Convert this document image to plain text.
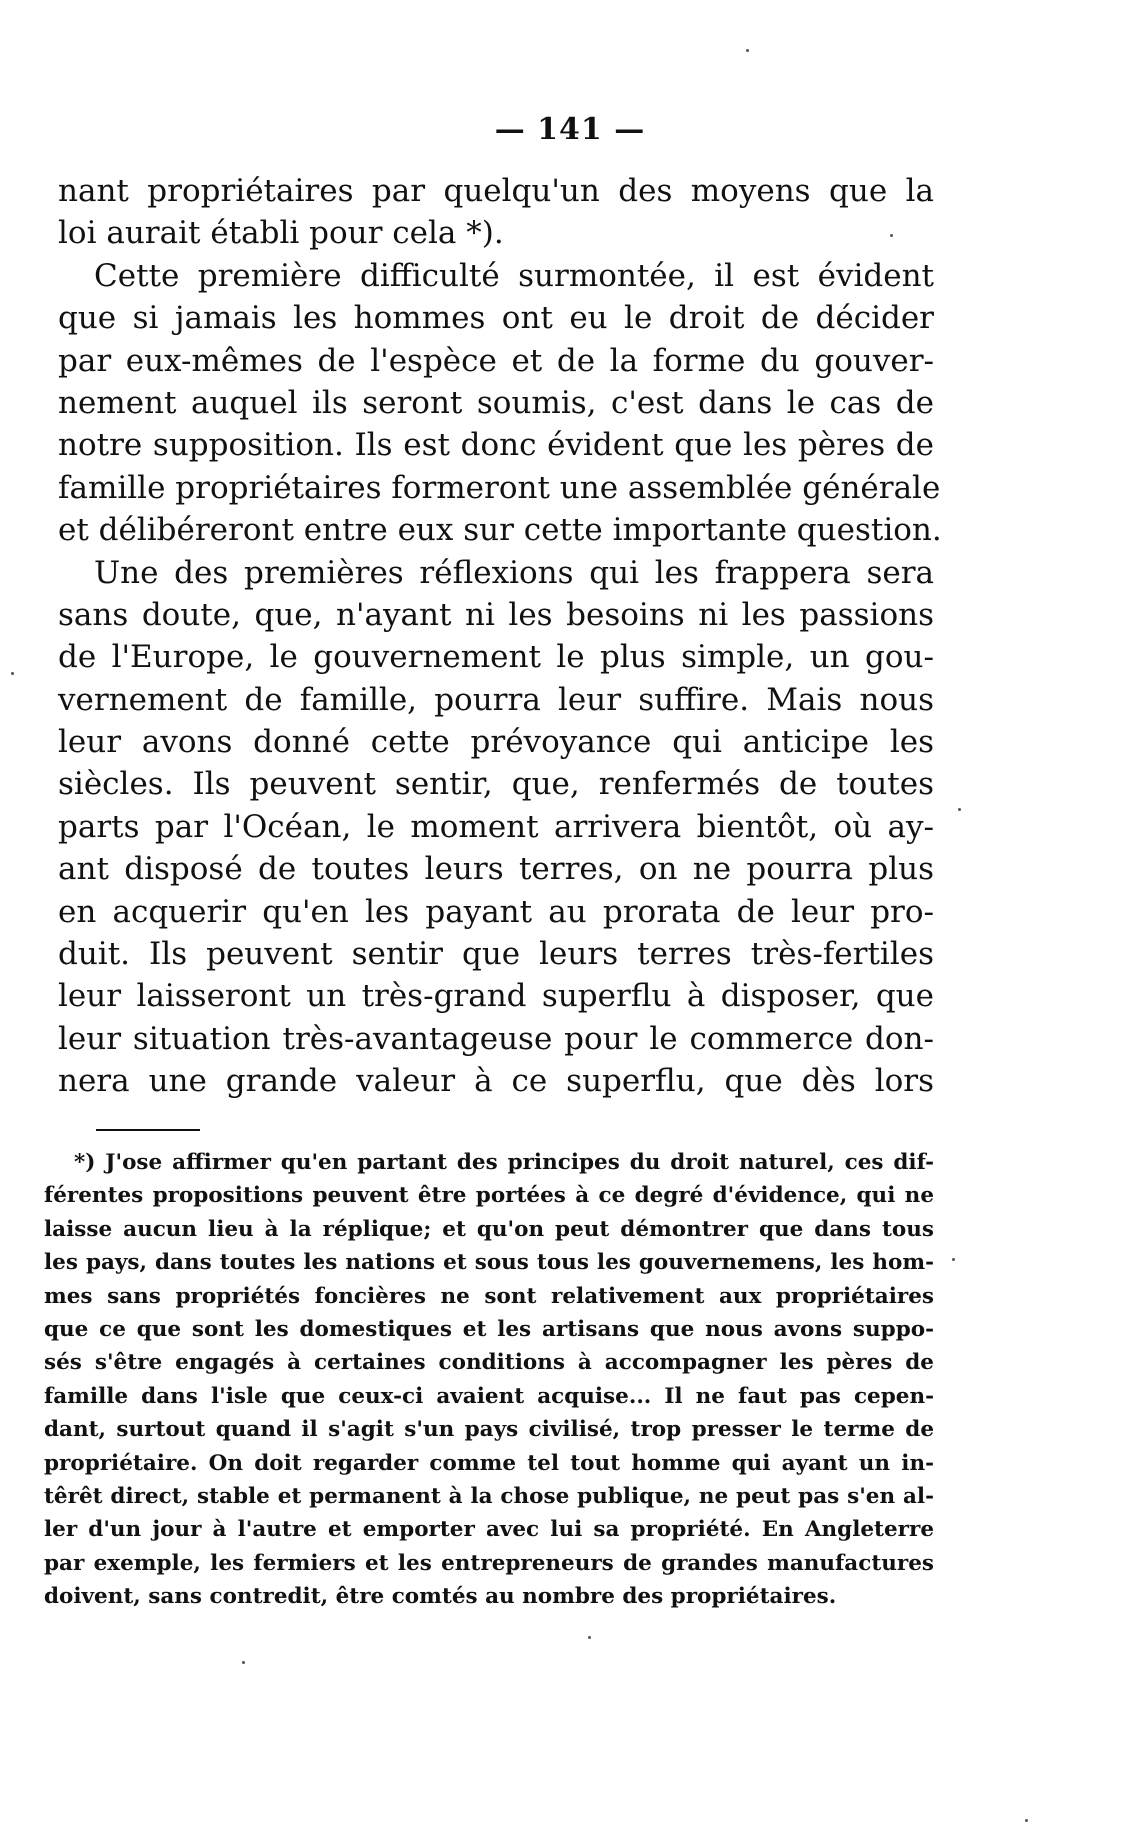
— 141 —
nant propriétaires par quelqu'un des moyens que la
loi aurait établi pour cela *).
Cette première difficulté surmontée, il est évident
que si jamais les hommes ont eu le droit de décider
par eux-mêmes de l'espèce et de la forme du gouver-
nement auquel ils seront soumis, c'est dans le cas de
notre supposition. Ils est donc évident que les pères de
famille propriétaires formeront une assemblée générale
et délibéreront entre eux sur cette importante question.
Une des premières réflexions qui les frappera sera
sans doute, que, n'ayant ni les besoins ni les passions
de l'Europe, le gouvernement le plus simple, un gou-
vernement de famille, pourra leur suffire. Mais nous
leur avons donné cette prévoyance qui anticipe les
siècles. Ils peuvent sentir, que, renfermés de toutes
parts par l'Océan, le moment arrivera bientôt, où ay-
ant disposé de toutes leurs terres, on ne pourra plus
en acquerir qu'en les payant au prorata de leur pro-
duit. Ils peuvent sentir que leurs terres très-fertiles
leur laisseront un très-grand superflu à disposer, que
leur situation très-avantageuse pour le commerce don-
nera une grande valeur à ce superflu, que dès lors
*) J'ose affirmer qu'en partant des principes du droit naturel, ces dif-
férentes propositions peuvent être portées à ce degré d'évidence, qui ne
laisse aucun lieu à la réplique; et qu'on peut démontrer que dans tous
les pays, dans toutes les nations et sous tous les gouvernemens, les hom-
mes sans propriétés foncières ne sont relativement aux propriétaires
que ce que sont les domestiques et les artisans que nous avons suppo-
sés s'être engagés à certaines conditions à accompagner les pères de
famille dans l'isle que ceux-ci avaient acquise... Il ne faut pas cepen-
dant, surtout quand il s'agit s'un pays civilisé, trop presser le terme de
propriétaire. On doit regarder comme tel tout homme qui ayant un in-
têrêt direct, stable et permanent à la chose publique, ne peut pas s'en al-
ler d'un jour à l'autre et emporter avec lui sa propriété. En Angleterre
par exemple, les fermiers et les entrepreneurs de grandes manufactures
doivent, sans contredit, être comtés au nombre des propriétaires.
